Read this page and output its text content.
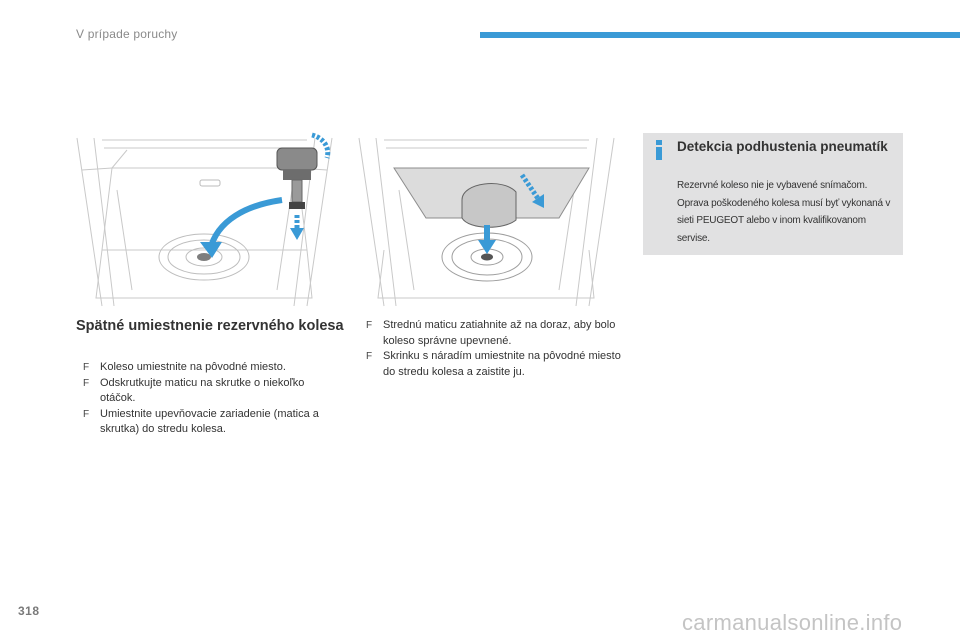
V prípade poruchy
Spätné umiestnenie rezervného kolesa
F Koleso umiestnite na pôvodné miesto.
F Odskrutkujte maticu na skrutke o niekoľko otáčok.
F Umiestnite upevňovacie zariadenie (matica a skrutka) do stredu kolesa.
F Strednú maticu zatiahnite až na doraz, aby bolo koleso správne upevnené.
F Skrinku s náradím umiestnite na pôvodné miesto do stredu kolesa a zaistite ju.
Detekcia podhustenia pneumatík
Rezervné koleso nie je vybavené snímačom. Oprava poškodeného kolesa musí byť vykonaná v sieti PEUGEOT alebo v inom kvalifikovanom servise.
318	carmanualsonline.info
